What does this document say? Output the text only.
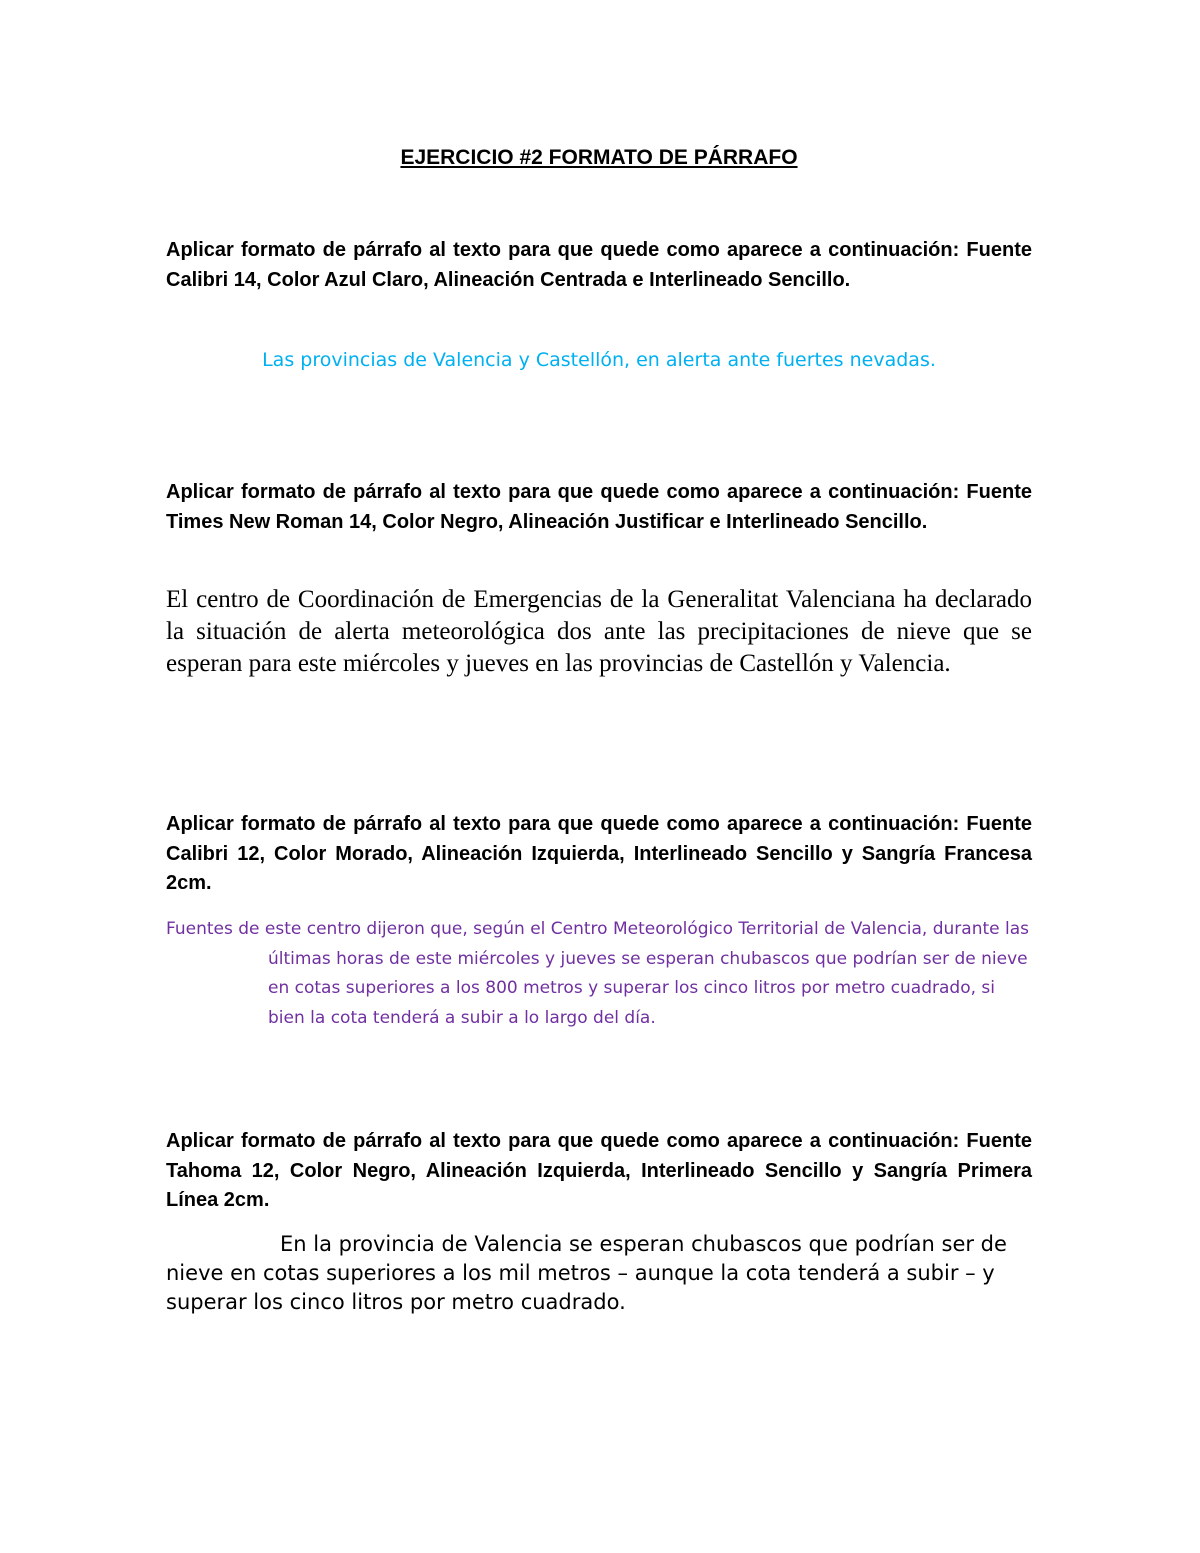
EJERCICIO #2 FORMATO DE PÁRRAFO

Aplicar formato de párrafo al texto para que quede como aparece a continuación: Fuente Calibri 14, Color Azul Claro, Alineación Centrada e Interlineado Sencillo.

Las provincias de Valencia y Castellón, en alerta ante fuertes nevadas.

Aplicar formato de párrafo al texto para que quede como aparece a continuación: Fuente Times New Roman 14, Color Negro, Alineación Justificar e Interlineado Sencillo.

El centro de Coordinación de Emergencias de la Generalitat Valenciana ha declarado la situación de alerta meteorológica dos ante las precipitaciones de nieve que se esperan para este miércoles y jueves en las provincias de Castellón y Valencia.

Aplicar formato de párrafo al texto para que quede como aparece a continuación: Fuente Calibri 12, Color Morado, Alineación Izquierda, Interlineado Sencillo y Sangría Francesa 2cm.

Fuentes de este centro dijeron que, según el Centro Meteorológico Territorial de Valencia, durante las últimas horas de este miércoles y jueves se esperan chubascos que podrían ser de nieve en cotas superiores a los 800 metros y superar los cinco litros por metro cuadrado, si bien la cota tenderá a subir a lo largo del día.

Aplicar formato de párrafo al texto para que quede como aparece a continuación: Fuente Tahoma 12, Color Negro, Alineación Izquierda, Interlineado Sencillo y Sangría Primera Línea 2cm.

En la provincia de Valencia se esperan chubascos que podrían ser de nieve en cotas superiores a los mil metros – aunque la cota tenderá a subir – y superar los cinco litros por metro cuadrado.
